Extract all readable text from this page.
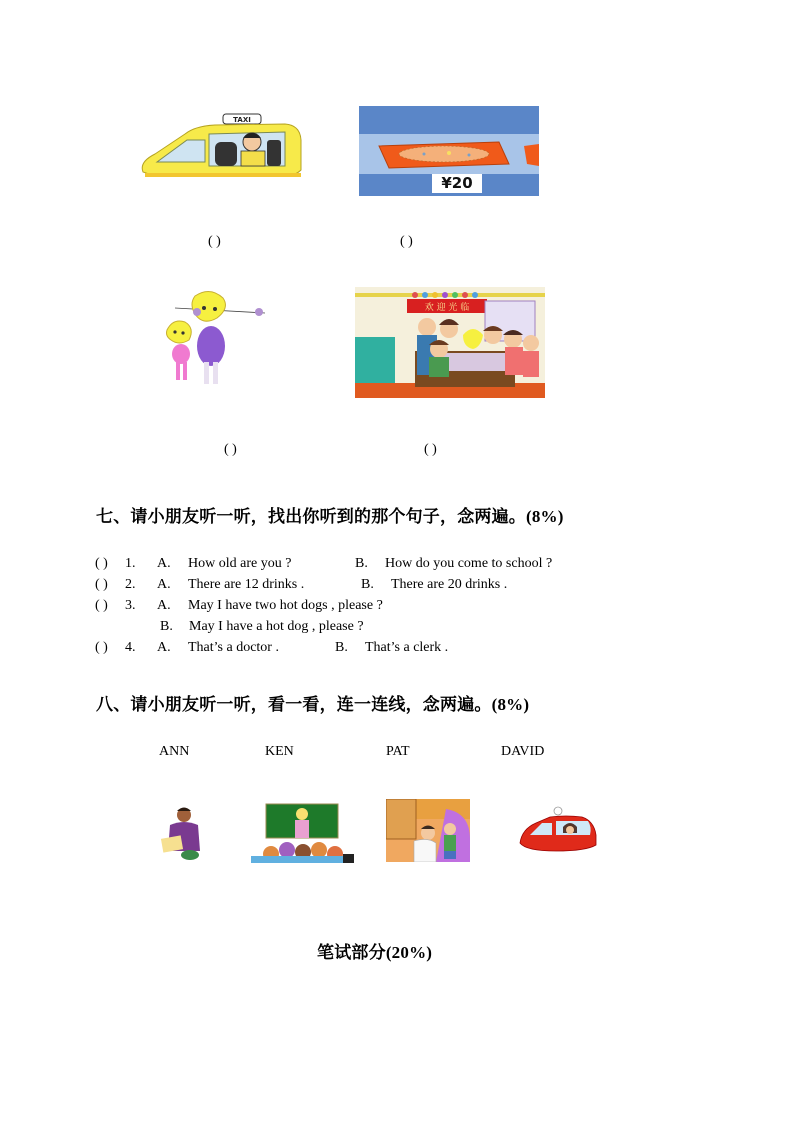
TAXI
¥20
( )	( )
欢 迎 光 临
( )	( )
七、请小朋友听一听，找出你听到的那个句子，念两遍。(8%)
( ) 1. A. How old are you ?	B. How do you come to school ?
( ) 2. A. There are 12 drinks .	B. There are 20 drinks .
( ) 3. A. May I have two hot dogs , please ?
B. May I have a hot dog , please ?
( ) 4. A. That’s a doctor .	B. That’s a clerk .
八、请小朋友听一听，看一看，连一连线，念两遍。(8%)
ANN	KEN	PAT	DAVID
笔试部分(20%)
